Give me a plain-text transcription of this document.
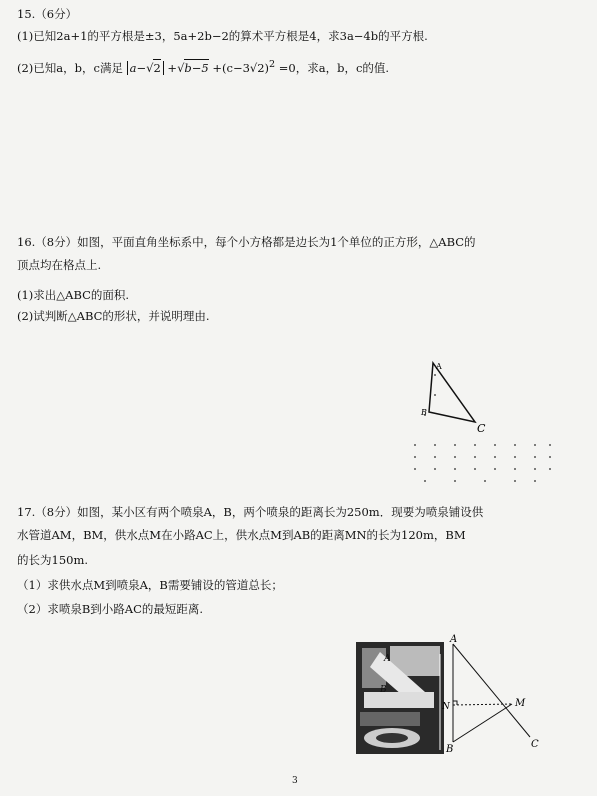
15.（6分）
(1)已知2a+1的平方根是±3，5a+2b−2的算术平方根是4，求3a−4b的平方根.
(2)已知a，b，c满足 $a-√2 +√b-5 +(c-3√2)^2 =0$，求a，b，c的值.
16.（8分）如图，平面直角坐标系中，每个小方格都是边长为1个单位的正方形，△ABC的
顶点均在格点上.
(1)求出△ABC的面积.
(2)试判断△ABC的形状，并说明理由.
A
B
C
17.（8分）如图，某小区有两个喷泉A，B，两个喷泉的距离长为250m．现要为喷泉铺设供
水管道AM，BM，供水点M在小路AC上，供水点M到AB的距离MN的长为120m，BM
的长为150m.
（1）求供水点M到喷泉A，B需要铺设的管道总长；
（2）求喷泉B到小路AC的最短距离.
A
B
A
N	M
B	C
3
